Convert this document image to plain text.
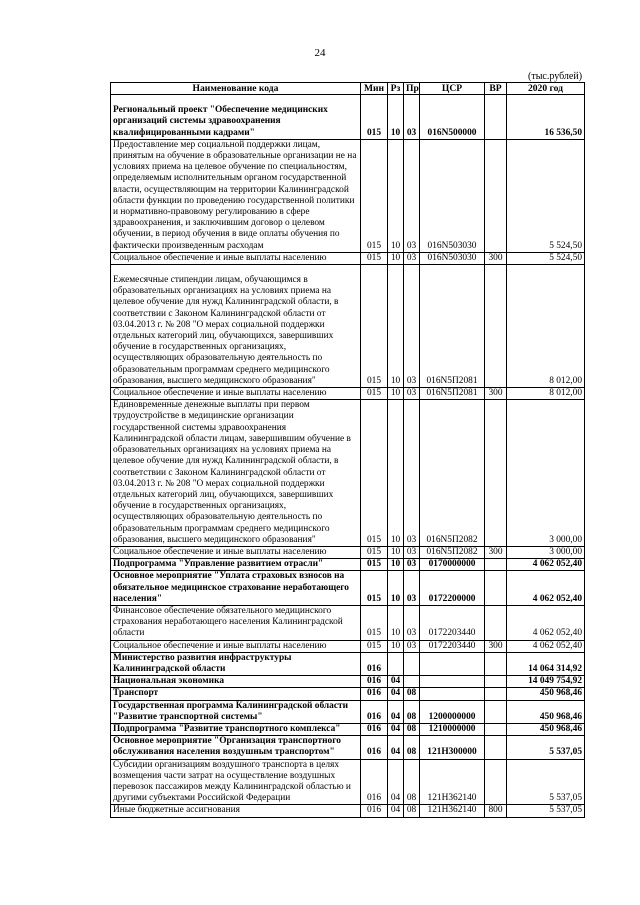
24
(тыс.рублей)
Наименование кода	Мин	Рз	Пр	ЦСР	ВР	2020 год
Региональный проект "Обеспечение медицинских организаций системы здравоохранения квалифицированными кадрами"	015	10	03	016N500000		16 536,50
Предоставление мер социальной поддержки лицам, принятым на обучение в образовательные организации не на условиях приема на целевое обучение по специальностям, определяемым исполнительным органом государственной власти, осуществляющим на территории Калининградской области функции по проведению государственной политики и нормативно-правовому регулированию в сфере здравоохранения, и заключившим договор о целевом обучении, в период обучения в виде оплаты обучения по фактически произведенным расходам	015	10	03	016N503030		5 524,50
Социальное обеспечение и иные выплаты населению	015	10	03	016N503030	300	5 524,50
Ежемесячные стипендии лицам, обучающимся в образовательных организациях на условиях приема на целевое обучение для нужд Калининградской области, в соответствии с Законом Калининградской области от 03.04.2013 г. № 208 "О мерах социальной поддержки отдельных категорий лиц, обучающихся, завершивших обучение в государственных организациях, осуществляющих образовательную деятельность по образовательным программам среднего медицинского образования, высшего медицинского образования"	015	10	03	016N5П2081		8 012,00
Социальное обеспечение и иные выплаты населению	015	10	03	016N5П2081	300	8 012,00
Единовременные денежные выплаты при первом трудоустройстве в медицинские организации государственной системы здравоохранения Калининградской области лицам, завершившим обучение в образовательных организациях на условиях приема на целевое обучение для нужд Калининградской области, в соответствии с Законом Калининградской области от 03.04.2013 г. № 208 "О мерах социальной поддержки отдельных категорий лиц, обучающихся, завершивших обучение в государственных организациях, осуществляющих образовательную деятельность по образовательным программам среднего медицинского образования, высшего медицинского образования"	015	10	03	016N5П2082		3 000,00
Социальное обеспечение и иные выплаты населению	015	10	03	016N5П2082	300	3 000,00
Подпрограмма "Управление развитием отрасли"	015	10	03	0170000000		4 062 052,40
Основное мероприятие "Уплата страховых взносов на обязательное медицинское страхование неработающего населения"	015	10	03	0172200000		4 062 052,40
Финансовое обеспечение обязательного медицинского страхования неработающего населения Калининградской области	015	10	03	0172203440		4 062 052,40
Социальное обеспечение и иные выплаты населению	015	10	03	0172203440	300	4 062 052,40
Министерство развития инфраструктуры Калининградской области	016					14 064 314,92
Национальная экономика	016	04				14 049 754,92
Транспорт	016	04	08			450 968,46
Государственная программа Калининградской области "Развитие транспортной системы"	016	04	08	1200000000		450 968,46
Подпрограмма "Развитие транспортного комплекса"	016	04	08	1210000000		450 968,46
Основное мероприятие "Организация транспортного обслуживания населения воздушным транспортом"	016	04	08	121Н300000		5 537,05
Субсидии организациям воздушного транспорта в целях возмещения части затрат на осуществление воздушных перевозок пассажиров между Калининградской областью и другими субъектами Российской Федерации	016	04	08	121Н362140		5 537,05
Иные бюджетные ассигнования	016	04	08	121Н362140	800	5 537,05
